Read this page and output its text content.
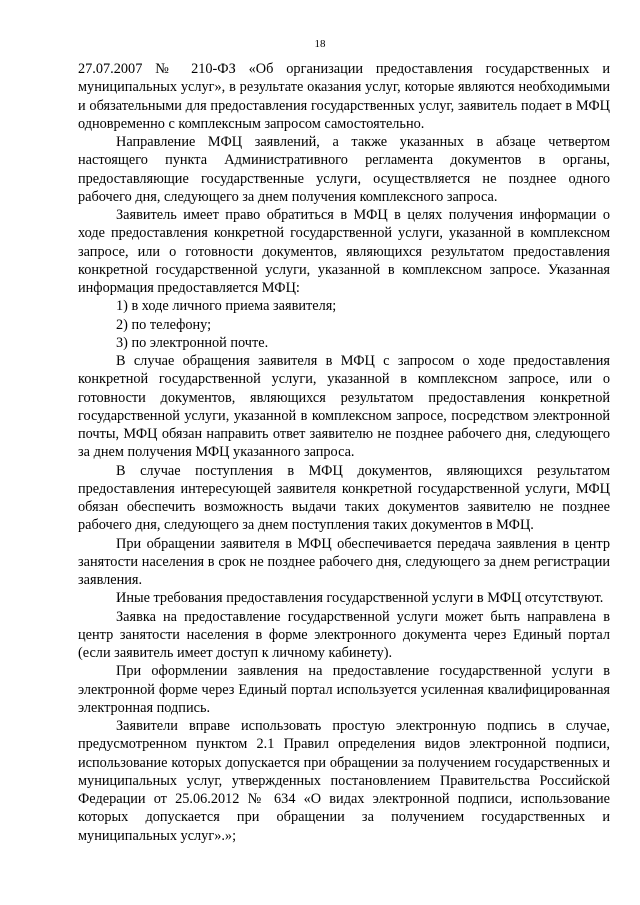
18

27.07.2007 № 210-ФЗ «Об организации предоставления государственных и муниципальных услуг», в результате оказания услуг, которые являются необходимыми и обязательными для предоставления государственных услуг, заявитель подает в МФЦ одновременно с комплексным запросом самостоятельно.

Направление МФЦ заявлений, а также указанных в абзаце четвертом настоящего пункта Административного регламента документов в органы, предоставляющие государственные услуги, осуществляется не позднее одного рабочего дня, следующего за днем получения комплексного запроса.

Заявитель имеет право обратиться в МФЦ в целях получения информации о ходе предоставления конкретной государственной услуги, указанной в комплексном запросе, или о готовности документов, являющихся результатом предоставления конкретной государственной услуги, указанной в комплексном запросе. Указанная информация предоставляется МФЦ:

1) в ходе личного приема заявителя;

2) по телефону;

3) по электронной почте.

В случае обращения заявителя в МФЦ с запросом о ходе предоставления конкретной государственной услуги, указанной в комплексном запросе, или о готовности документов, являющихся результатом предоставления конкретной государственной услуги, указанной в комплексном запросе, посредством электронной почты, МФЦ обязан направить ответ заявителю не позднее рабочего дня, следующего за днем получения МФЦ указанного запроса.

В случае поступления в МФЦ документов, являющихся результатом предоставления интересующей заявителя конкретной государственной услуги, МФЦ обязан обеспечить возможность выдачи таких документов заявителю не позднее рабочего дня, следующего за днем поступления таких документов в МФЦ.

При обращении заявителя в МФЦ обеспечивается передача заявления в центр занятости населения в срок не позднее рабочего дня, следующего за днем регистрации заявления.

Иные требования предоставления государственной услуги в МФЦ отсутствуют.

Заявка на предоставление государственной услуги может быть направлена в центр занятости населения в форме электронного документа через Единый портал (если заявитель имеет доступ к личному кабинету).

При оформлении заявления на предоставление государственной услуги в электронной форме через Единый портал используется усиленная квалифицированная электронная подпись.

Заявители вправе использовать простую электронную подпись в случае, предусмотренном пунктом 2.1 Правил определения видов электронной подписи, использование которых допускается при обращении за получением государственных и муниципальных услуг, утвержденных постановлением Правительства Российской Федерации от 25.06.2012 № 634 «О видах электронной подписи, использование которых допускается при обращении за получением государственных и муниципальных услуг».»;
